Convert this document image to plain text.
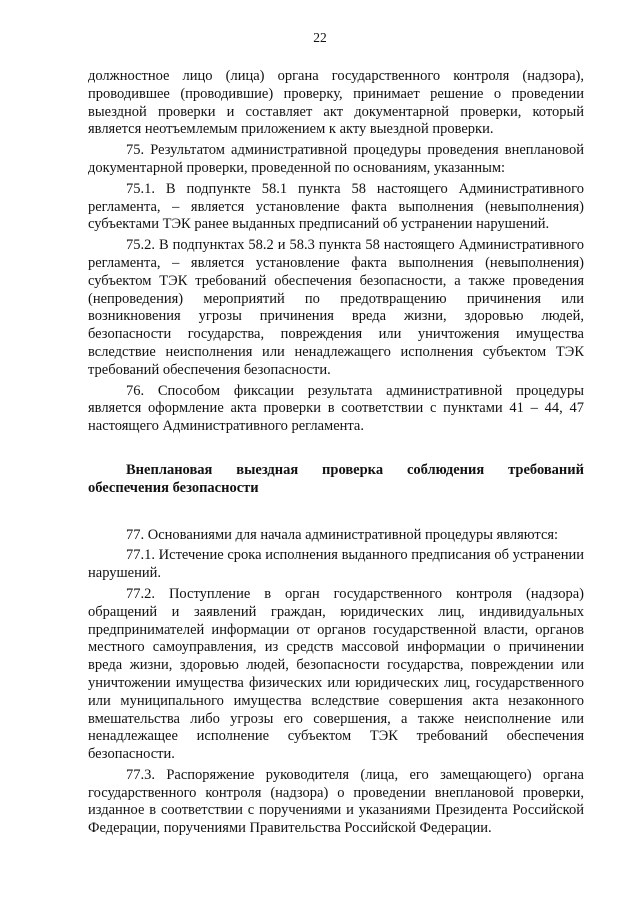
22

должностное лицо (лица) органа государственного контроля (надзора), проводившее (проводившие) проверку, принимает решение о проведении выездной проверки и составляет акт документарной проверки, который является неотъемлемым приложением к акту выездной проверки.

75. Результатом административной процедуры проведения внеплановой документарной проверки, проведенной по основаниям, указанным:

75.1. В подпункте 58.1 пункта 58 настоящего Административного регламента, – является установление факта выполнения (невыполнения) субъектами ТЭК ранее выданных предписаний об устранении нарушений.

75.2. В подпунктах 58.2 и 58.3 пункта 58 настоящего Административного регламента, – является установление факта выполнения (невыполнения) субъектом ТЭК требований обеспечения безопасности, а также проведения (непроведения) мероприятий по предотвращению причинения или возникновения угрозы причинения вреда жизни, здоровью людей, безопасности государства, повреждения или уничтожения имущества вследствие неисполнения или ненадлежащего исполнения субъектом ТЭК требований обеспечения безопасности.

76. Способом фиксации результата административной процедуры является оформление акта проверки в соответствии с пунктами 41 – 44, 47 настоящего Административного регламента.

Внеплановая выездная проверка соблюдения требований обеспечения безопасности

77. Основаниями для начала административной процедуры являются:

77.1. Истечение срока исполнения выданного предписания об устранении нарушений.

77.2. Поступление в орган государственного контроля (надзора) обращений и заявлений граждан, юридических лиц, индивидуальных предпринимателей информации от органов государственной власти, органов местного самоуправления, из средств массовой информации о причинении вреда жизни, здоровью людей, безопасности государства, повреждении или уничтожении имущества физических или юридических лиц, государственного или муниципального имущества вследствие совершения акта незаконного вмешательства либо угрозы его совершения, а также неисполнение или ненадлежащее исполнение субъектом ТЭК требований обеспечения безопасности.

77.3. Распоряжение руководителя (лица, его замещающего) органа государственного контроля (надзора) о проведении внеплановой проверки, изданное в соответствии с поручениями и указаниями Президента Российской Федерации, поручениями Правительства Российской Федерации.
